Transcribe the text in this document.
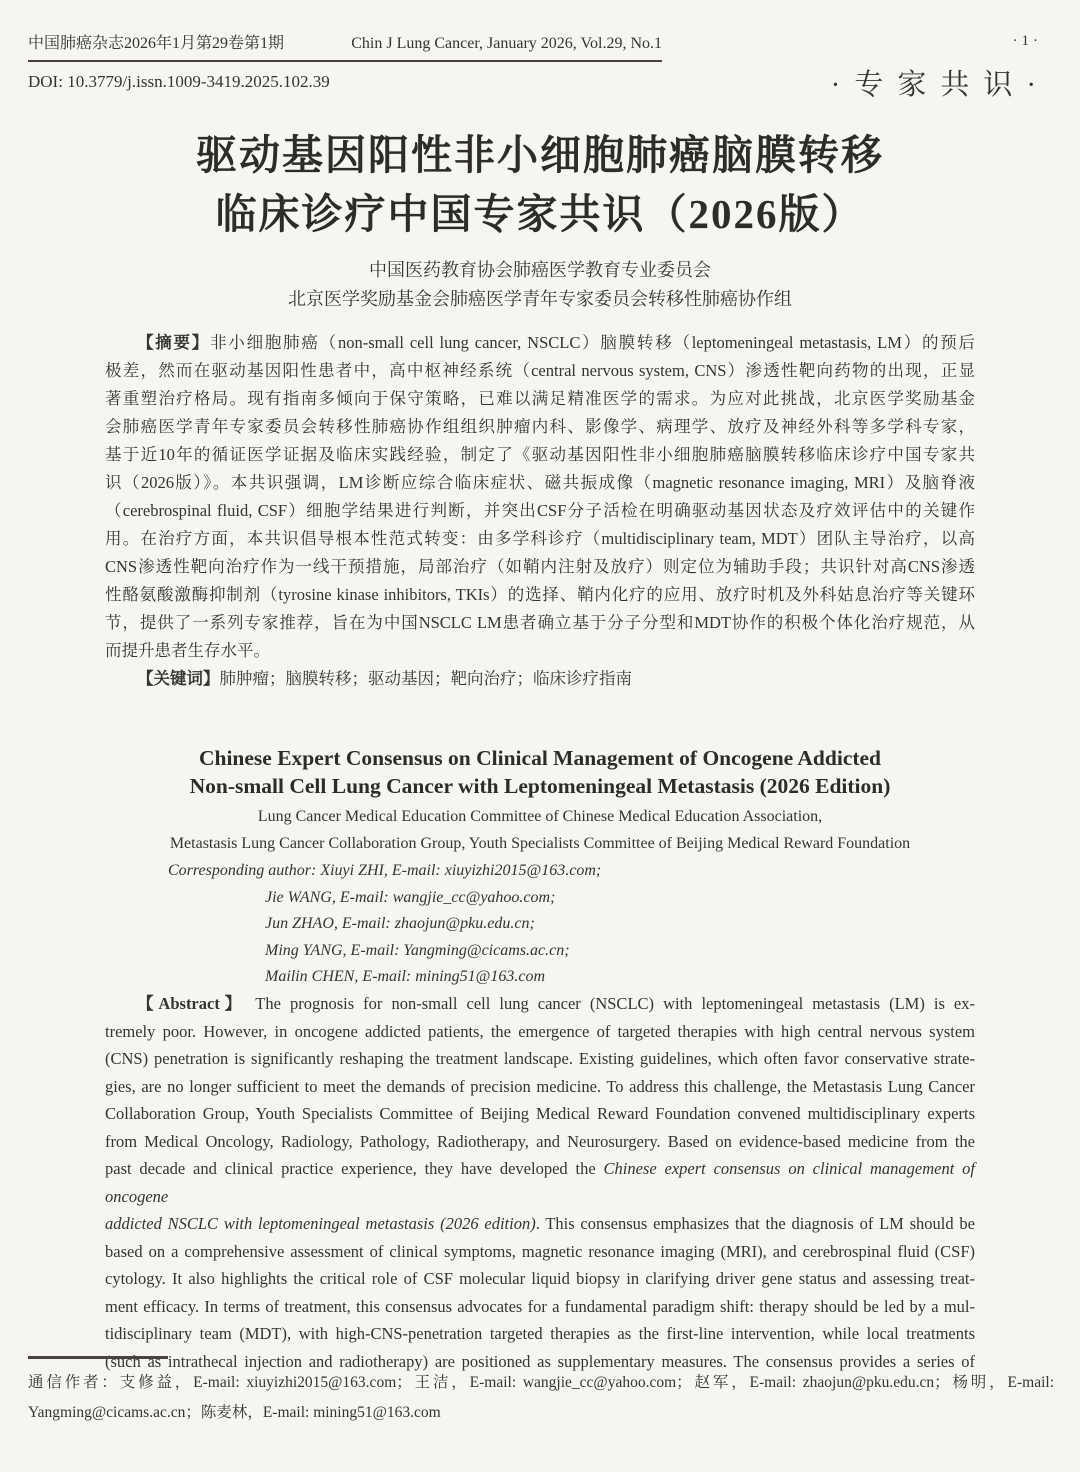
中国肺癌杂志2026年1月第29卷第1期	Chin J Lung Cancer, January 2026, Vol.29, No.1	·1·
DOI: 10.3779/j.issn.1009-3419.2025.102.39	·专家共识·
驱动基因阳性非小细胞肺癌脑膜转移
临床诊疗中国专家共识（2026版）
中国医药教育协会肺癌医学教育专业委员会
北京医学奖励基金会肺癌医学青年专家委员会转移性肺癌协作组
【摘要】非小细胞肺癌（non-small cell lung cancer, NSCLC）脑膜转移（leptomeningeal metastasis, LM）的预后
极差，然而在驱动基因阳性患者中，高中枢神经系统（central nervous system, CNS）渗透性靶向药物的出现，正显
著重塑治疗格局。现有指南多倾向于保守策略，已难以满足精准医学的需求。为应对此挑战，北京医学奖励基金
会肺癌医学青年专家委员会转移性肺癌协作组组织肿瘤内科、影像学、病理学、放疗及神经外科等多学科专家，
基于近10年的循证医学证据及临床实践经验，制定了《驱动基因阳性非小细胞肺癌脑膜转移临床诊疗中国专家共
识（2026版）》。本共识强调，LM诊断应综合临床症状、磁共振成像（magnetic resonance imaging, MRI）及脑脊液
（cerebrospinal fluid, CSF）细胞学结果进行判断，并突出CSF分子活检在明确驱动基因状态及疗效评估中的关键作
用。在治疗方面，本共识倡导根本性范式转变：由多学科诊疗（multidisciplinary team, MDT）团队主导治疗，以高
CNS渗透性靶向治疗作为一线干预措施，局部治疗（如鞘内注射及放疗）则定位为辅助手段；共识针对高CNS渗透
性酪氨酸激酶抑制剂（tyrosine kinase inhibitors, TKIs）的选择、鞘内化疗的应用、放疗时机及外科姑息治疗等关键环
节，提供了一系列专家推荐，旨在为中国NSCLC LM患者确立基于分子分型和MDT协作的积极个体化治疗规范，从
而提升患者生存水平。
【关键词】肺肿瘤；脑膜转移；驱动基因；靶向治疗；临床诊疗指南
Chinese Expert Consensus on Clinical Management of Oncogene Addicted
Non-small Cell Lung Cancer with Leptomeningeal Metastasis (2026 Edition)
Lung Cancer Medical Education Committee of Chinese Medical Education Association,
Metastasis Lung Cancer Collaboration Group, Youth Specialists Committee of Beijing Medical Reward Foundation
Corresponding author: Xiuyi ZHI, E-mail: xiuyizhi2015@163.com;
Jie WANG, E-mail: wangjie_cc@yahoo.com;
Jun ZHAO, E-mail: zhaojun@pku.edu.cn;
Ming YANG, E-mail: Yangming@cicams.ac.cn;
Mailin CHEN, E-mail: mining51@163.com
【Abstract】 The prognosis for non-small cell lung cancer (NSCLC) with leptomeningeal metastasis (LM) is ex-
tremely poor. However, in oncogene addicted patients, the emergence of targeted therapies with high central nervous system
(CNS) penetration is significantly reshaping the treatment landscape. Existing guidelines, which often favor conservative strate-
gies, are no longer sufficient to meet the demands of precision medicine. To address this challenge, the Metastasis Lung Cancer
Collaboration Group, Youth Specialists Committee of Beijing Medical Reward Foundation convened multidisciplinary experts
from Medical Oncology, Radiology, Pathology, Radiotherapy, and Neurosurgery. Based on evidence-based medicine from the
past decade and clinical practice experience, they have developed the Chinese expert consensus on clinical management of oncogene
addicted NSCLC with leptomeningeal metastasis (2026 edition). This consensus emphasizes that the diagnosis of LM should be
based on a comprehensive assessment of clinical symptoms, magnetic resonance imaging (MRI), and cerebrospinal fluid (CSF)
cytology. It also highlights the critical role of CSF molecular liquid biopsy in clarifying driver gene status and assessing treat-
ment efficacy. In terms of treatment, this consensus advocates for a fundamental paradigm shift: therapy should be led by a mul-
tidisciplinary team (MDT), with high-CNS-penetration targeted therapies as the first-line intervention, while local treatments
(such as intrathecal injection and radiotherapy) are positioned as supplementary measures. The consensus provides a series of
通信作者：支修益，E-mail: xiuyizhi2015@163.com；王洁，E-mail: wangjie_cc@yahoo.com；赵军，E-mail: zhaojun@pku.edu.cn；杨明，E-mail:
Yangming@cicams.ac.cn；陈麦林，E-mail: mining51@163.com
